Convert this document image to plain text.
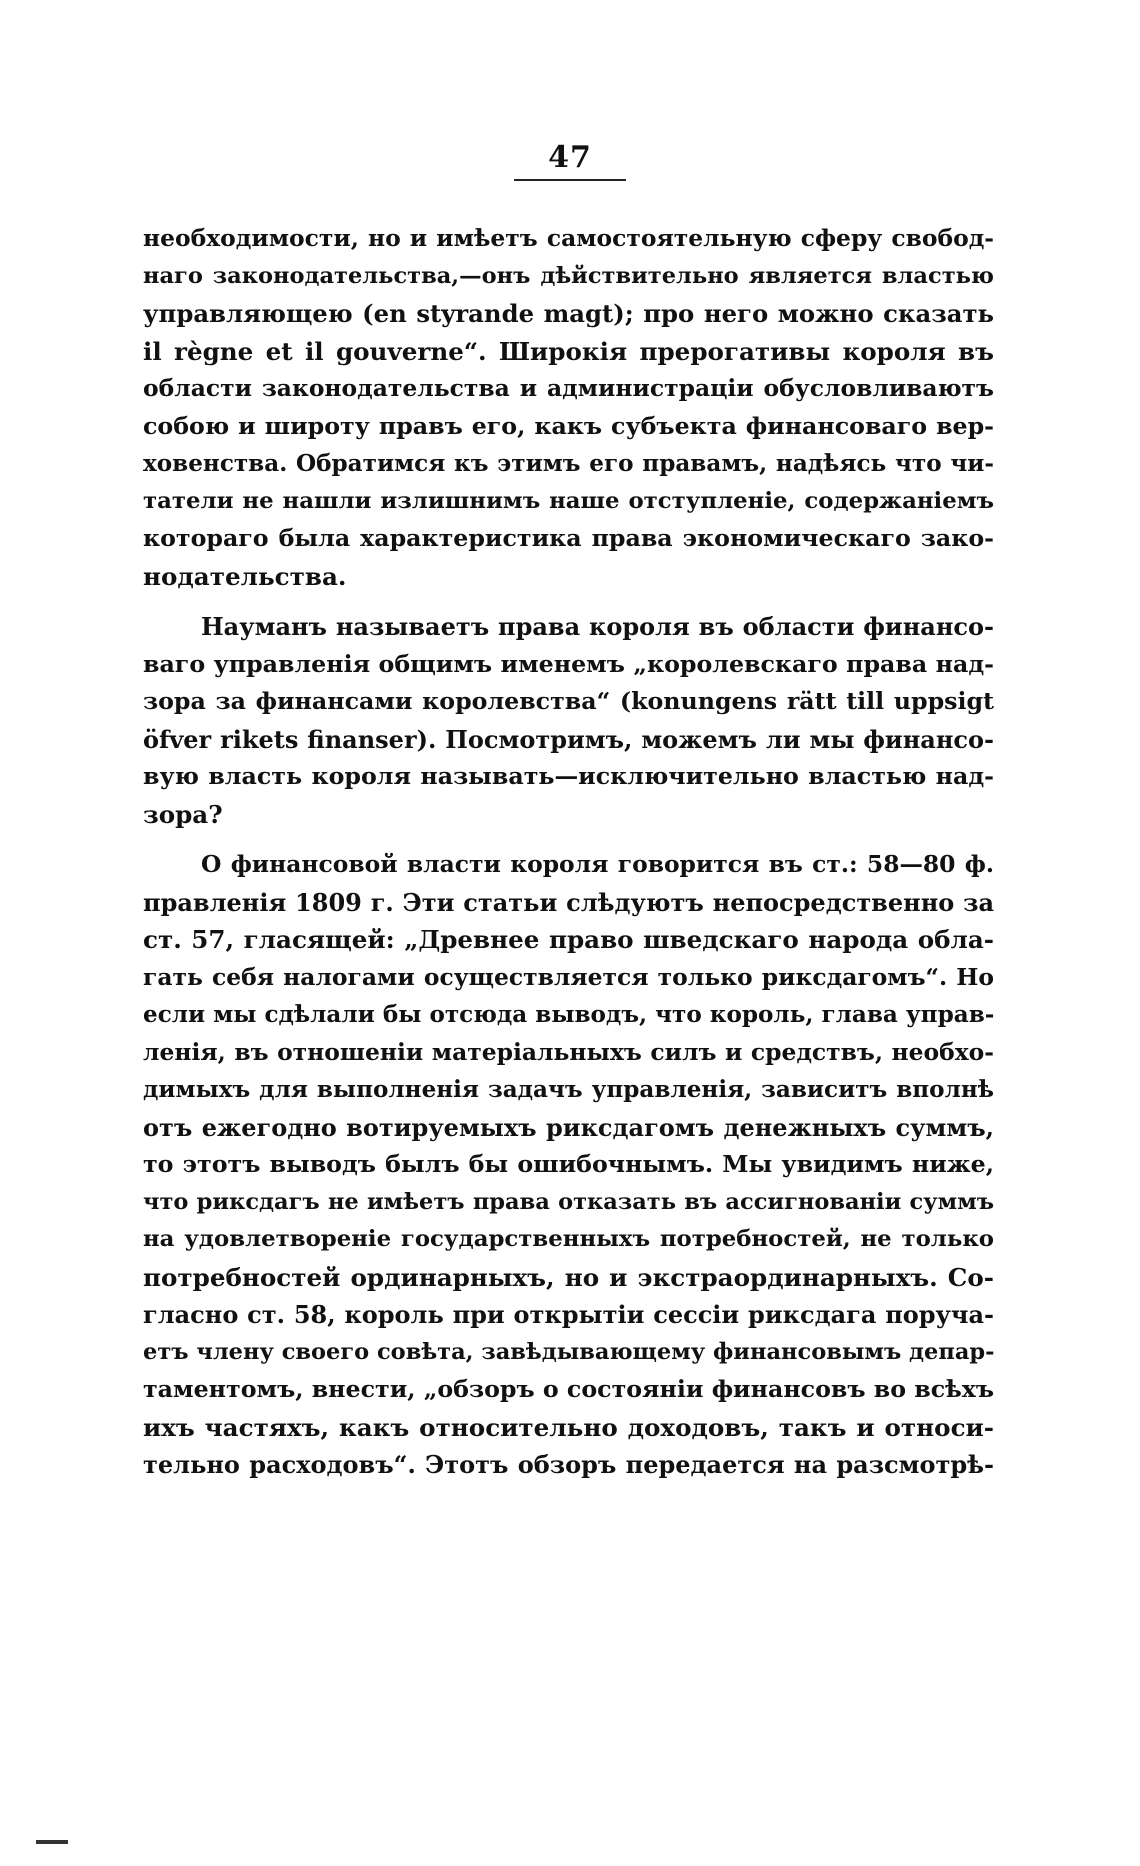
47
необходимости, но и имѣетъ самостоятельную сферу свобод-
наго законодательства,—онъ дѣйствительно является властью
управляющею (en styrande magt); про него можно сказать
il règne et il gouverne“. Широкія прерогативы короля въ
области законодательства и администраціи обусловливаютъ
собою и широту правъ его, какъ субъекта финансоваго вер-
ховенства. Обратимся къ этимъ его правамъ, надѣясь что чи-
татели не нашли излишнимъ наше отступленіе, содержаніемъ
котораго была характеристика права экономическаго зако-
нодательства.
Науманъ называетъ права короля въ области финансо-
ваго управленія общимъ именемъ „королевскаго права над-
зора за финансами королевства“ (konungens rätt till uppsigt
öfver rikets finanser). Посмотримъ, можемъ ли мы финансо-
вую власть короля называть—исключительно властью над-
зора?
О финансовой власти короля говорится въ ст.: 58—80 ф.
правленія 1809 г. Эти статьи слѣдуютъ непосредственно за
ст. 57, гласящей: „Древнее право шведскаго народа обла-
гать себя налогами осуществляется только риксдагомъ“. Но
если мы сдѣлали бы отсюда выводъ, что король, глава управ-
ленія, въ отношеніи матеріальныхъ силъ и средствъ, необхо-
димыхъ для выполненія задачъ управленія, зависитъ вполнѣ
отъ ежегодно вотируемыхъ риксдагомъ денежныхъ суммъ,
то этотъ выводъ былъ бы ошибочнымъ. Мы увидимъ ниже,
что риксдагъ не имѣетъ права отказать въ ассигнованіи суммъ
на удовлетвореніе государственныхъ потребностей, не только
потребностей ординарныхъ, но и экстраординарныхъ. Со-
гласно ст. 58, король при открытіи сессіи риксдага поруча-
етъ члену своего совѣта, завѣдывающему финансовымъ депар-
таментомъ, внести, „обзоръ о состояніи финансовъ во всѣхъ
ихъ частяхъ, какъ относительно доходовъ, такъ и относи-
тельно расходовъ“. Этотъ обзоръ передается на разсмотрѣ-
